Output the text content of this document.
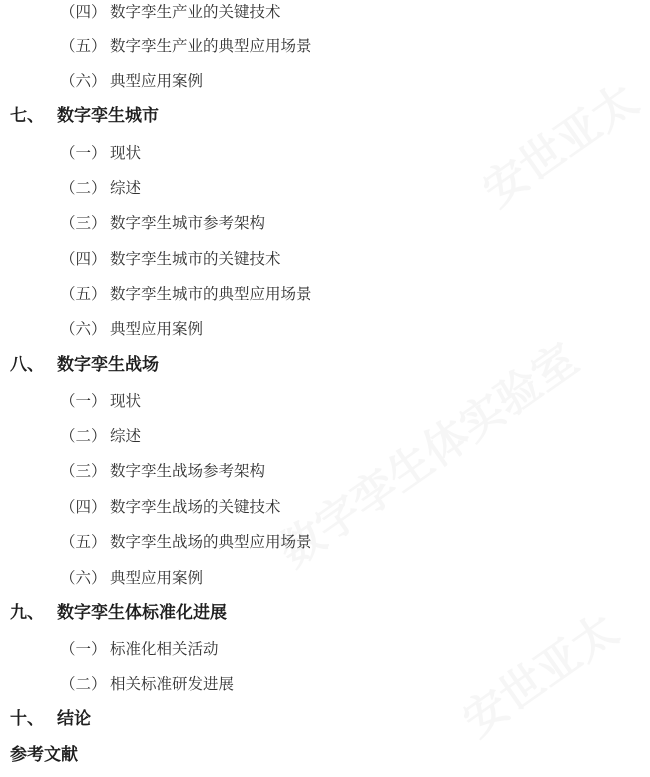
（四） 数字孪生产业的关键技术
（五） 数字孪生产业的典型应用场景
（六） 典型应用案例
七、 数字孪生城市
（一） 现状
（二） 综述
（三） 数字孪生城市参考架构
（四） 数字孪生城市的关键技术
（五） 数字孪生城市的典型应用场景
（六） 典型应用案例
八、 数字孪生战场
（一） 现状
（二） 综述
（三） 数字孪生战场参考架构
（四） 数字孪生战场的关键技术
（五） 数字孪生战场的典型应用场景
（六） 典型应用案例
九、 数字孪生体标准化进展
（一） 标准化相关活动
（二） 相关标准研发进展
十、 结论
参考文献
